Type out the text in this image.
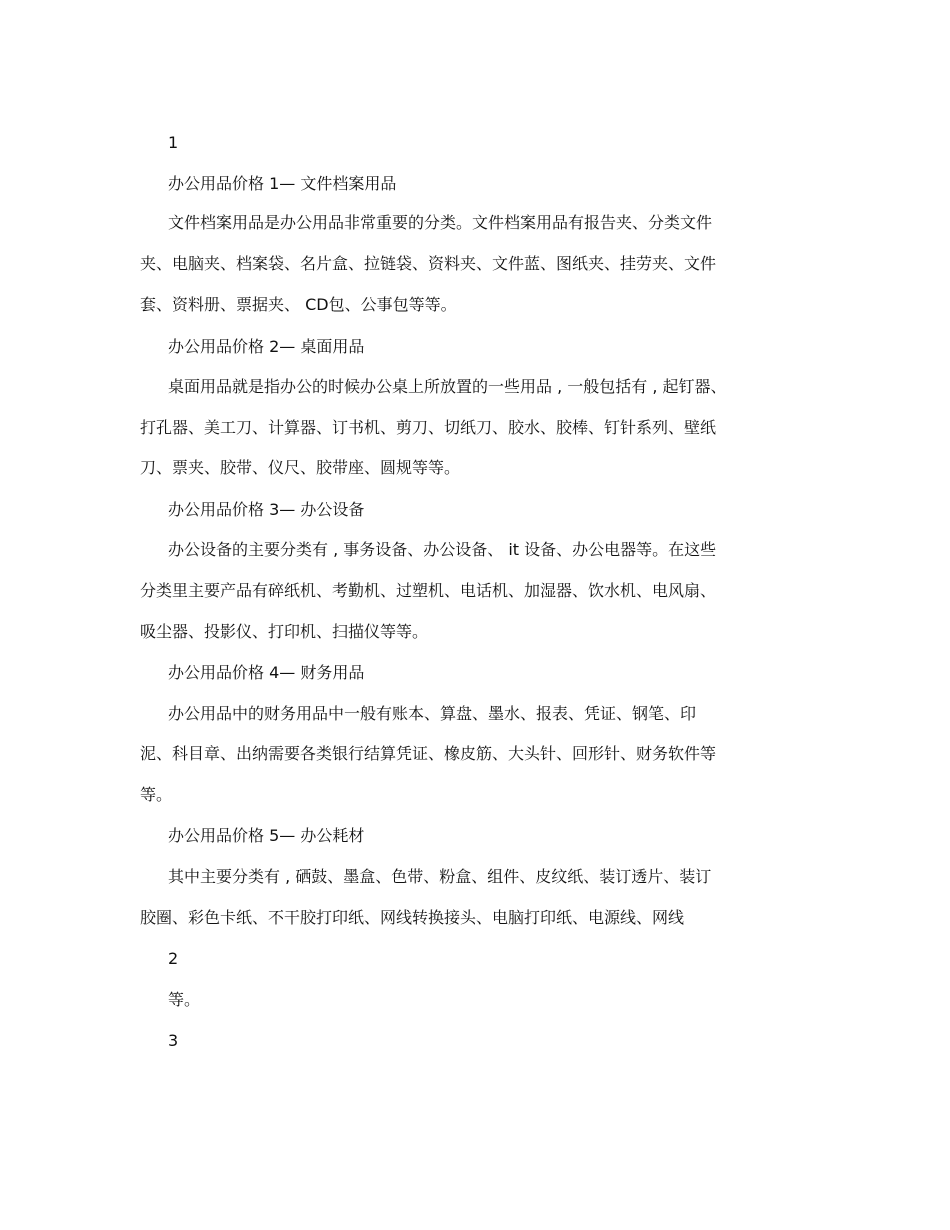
1
办公用品价格 1— 文件档案用品
文件档案用品是办公用品非常重要的分类。文件档案用品有报告夹、分类文件
夹、电脑夹、档案袋、名片盒、拉链袋、资料夹、文件蓝、图纸夹、挂劳夹、文件
套、资料册、票据夹、 CD包、公事包等等。
办公用品价格 2— 桌面用品
桌面用品就是指办公的时候办公桌上所放置的一些用品 , 一般包括有 , 起钉器、
打孔器、美工刀、计算器、订书机、剪刀、切纸刀、胶水、胶棒、钉针系列、壁纸
刀、票夹、胶带、仪尺、胶带座、圆规等等。
办公用品价格 3— 办公设备
办公设备的主要分类有 , 事务设备、办公设备、 it 设备、办公电器等。在这些
分类里主要产品有碎纸机、考勤机、过塑机、电话机、加湿器、饮水机、电风扇、
吸尘器、投影仪、打印机、扫描仪等等。
办公用品价格 4— 财务用品
办公用品中的财务用品中一般有账本、算盘、墨水、报表、凭证、钢笔、印
泥、科目章、出纳需要各类银行结算凭证、橡皮筋、大头针、回形针、财务软件等
等。
办公用品价格 5— 办公耗材
其中主要分类有 , 硒鼓、墨盒、色带、粉盒、组件、皮纹纸、装订透片、装订
胶圈、彩色卡纸、不干胶打印纸、网线转换接头、电脑打印纸、电源线、网线
2
等。
3
